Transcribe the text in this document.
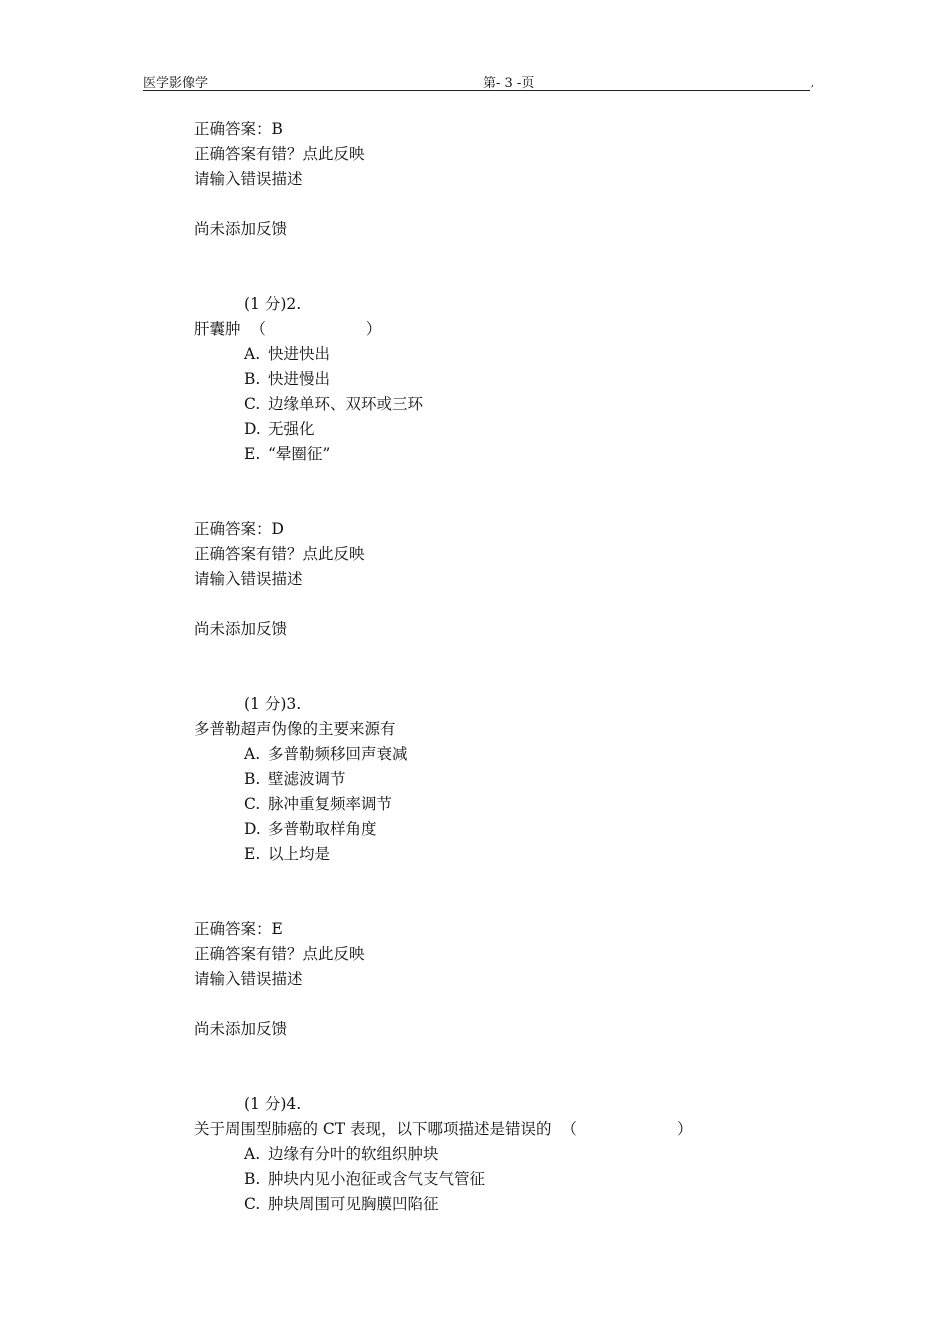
医学影像学	第- 3 -页	,
正确答案：B
正确答案有错？点此反映
请输入错误描述
尚未添加反馈
(1 分)2.
肝囊肿 （	）
A. 快进快出
B. 快进慢出
C. 边缘单环、双环或三环
D. 无强化
E. “晕圈征”
正确答案：D
正确答案有错？点此反映
请输入错误描述
尚未添加反馈
(1 分)3.
多普勒超声伪像的主要来源有
A. 多普勒频移回声衰减
B. 壁滤波调节
C. 脉冲重复频率调节
D. 多普勒取样角度
E. 以上均是
正确答案：E
正确答案有错？点此反映
请输入错误描述
尚未添加反馈
(1 分)4.
关于周围型肺癌的 CT 表现，以下哪项描述是错误的 （	）
A. 边缘有分叶的软组织肿块
B. 肿块内见小泡征或含气支气管征
C. 肿块周围可见胸膜凹陷征
